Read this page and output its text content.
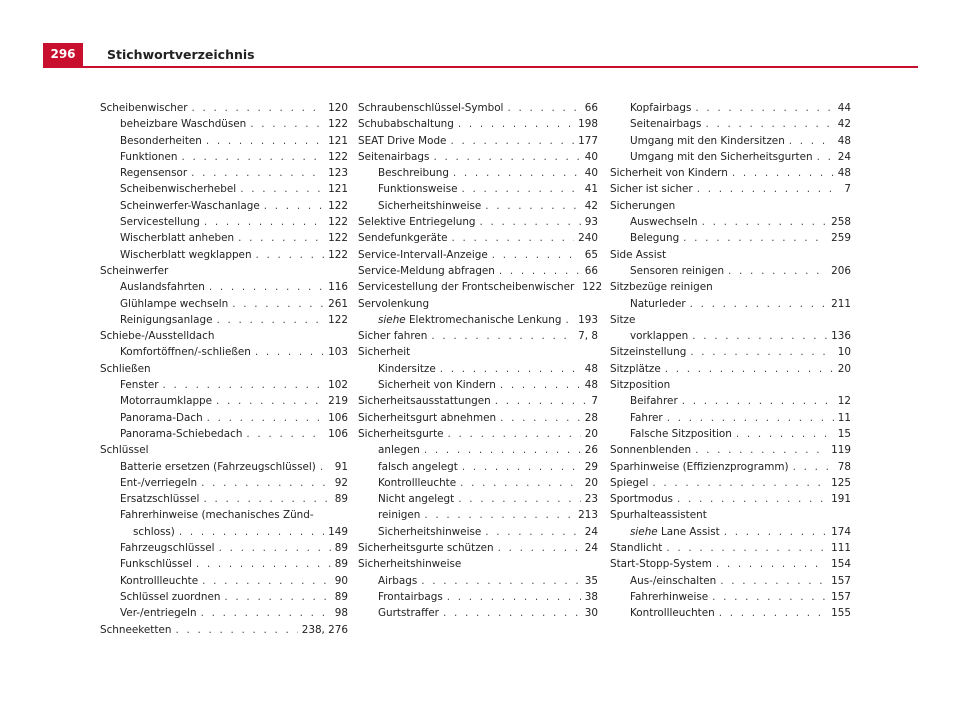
296	Stichwortverzeichnis
Scheibenwischer . . .	120
beheizbare Waschdüsen . . .	122
Besonderheiten . . .	121
Funktionen . . .	122
Regensensor . . .	123
Scheibenwischerhebel . . .	121
Scheinwerfer-Waschanlage . . .	122
Servicestellung . . .	122
Wischerblatt anheben . . .	122
Wischerblatt wegklappen . . .	122
Scheinwerfer
Auslandsfahrten . . .	116
Glühlampe wechseln . . .	261
Reinigungsanlage . . .	122
Schiebe-/Ausstelldach
Komfortöffnen/-schließen . . .	103
Schließen
Fenster . . .	102
Motorraumklappe . . .	219
Panorama-Dach . . .	106
Panorama-Schiebedach . . .	106
Schlüssel
Batterie ersetzen (Fahrzeugschlüssel) . . . 91
Ent-/verriegeln . . .	92
Ersatzschlüssel . . .	89
Fahrerhinweise (mechanisches Zünd-
schloss) . . .	149
Fahrzeugschlüssel . . .	89
Funkschlüssel . . .	89
Kontrollleuchte . . .	90
Schlüssel zuordnen . . .	89
Ver-/entriegeln . . .	98
Schneeketten . . .	238, 276
Schraubenschlüssel-Symbol . . .	66
Schubabschaltung . . .	198
SEAT Drive Mode . . .	177
Seitenairbags . . .	40
Beschreibung . . .	40
Funktionsweise . . .	41
Sicherheitshinweise . . .	42
Selektive Entriegelung . . .	93
Sendefunkgeräte . . .	240
Service-Intervall-Anzeige . . .	65
Service-Meldung abfragen . . .	66
Servicestellung der Frontscheibenwischer 122
Servolenkung
siehe Elektromechanische Lenkung . . . 193
Sicher fahren . . .	7, 8
Sicherheit
Kindersitze . . .	48
Sicherheit von Kindern . . .	48
Sicherheitsausstattungen . . .	7
Sicherheitsgurt abnehmen . . .	28
Sicherheitsgurte . . .	20
anlegen . . .	26
falsch angelegt . . .	29
Kontrollleuchte . . .	20
Nicht angelegt . . .	23
reinigen . . .	213
Sicherheitshinweise . . .	24
Sicherheitsgurte schützen . . .	24
Sicherheitshinweise
Airbags . . .	35
Frontairbags . . .	38
Gurtstraffer . . .	30
Kopfairbags . . .	44
Seitenairbags . . .	42
Umgang mit den Kindersitzen . . .	48
Umgang mit den Sicherheitsgurten . . . 24
Sicherheit von Kindern . . .	48
Sicher ist sicher . . .	7
Sicherungen
Auswechseln . . .	258
Belegung . . .	259
Side Assist
Sensoren reinigen . . .	206
Sitzbezüge reinigen
Naturleder . . .	211
Sitze
vorklappen . . .	136
Sitzeinstellung . . .	10
Sitzplätze . . .	20
Sitzposition
Beifahrer . . .	12
Fahrer . . .	11
Falsche Sitzposition . . .	15
Sonnenblenden . . .	119
Sparhinweise (Effizienzprogramm) . . .	78
Spiegel . . .	125
Sportmodus . . .	191
Spurhalteassistent
siehe Lane Assist . . .	174
Standlicht . . .	111
Start-Stopp-System . . .	154
Aus-/einschalten . . .	157
Fahrerhinweise . . .	157
Kontrollleuchten . . .	155
